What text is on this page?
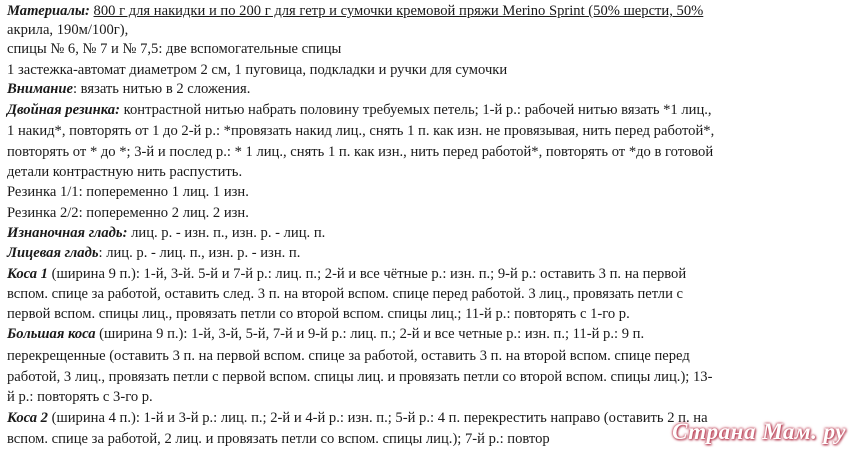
Материалы: 800 г для накидки и по 200 г для гетр и сумочки кремовой пряжи Merino Sprint (50% шерсти, 50%
акрила, 190м/100г),
спицы № 6, № 7 и № 7,5: две вспомогательные спицы
1 застежка-автомат диаметром 2 см, 1 пуговица, подкладки и ручки для сумочки
Внимание: вязать нитью в 2 сложения.
Двойная резинка: контрастной нитью набрать половину требуемых петель; 1-й р.: рабочей нитью вязать *1 лиц.,
1 накид*, повторять от 1 до 2-й р.: *провязать накид лиц., снять 1 п. как изн. не провязывая, нить перед работой*,
повторять от * до *; 3-й и послед р.: * 1 лиц., снять 1 п. как изн., нить перед работой*, повторять от *до в готовой
детали контрастную нить распустить.
Резинка 1/1: попеременно 1 лиц. 1 изн.
Резинка 2/2: попеременно 2 лиц. 2 изн.
Изнаночная гладь: лиц. р. - изн. п., изн. р. - лиц. п.
Лицевая гладь: лиц. р. - лиц. п., изн. р. - изн. п.
Коса 1 (ширина 9 п.): 1-й, 3-й. 5-й и 7-й р.: лиц. п.; 2-й и все чётные р.: изн. п.; 9-й р.: оставить 3 п. на первой
вспом. спице за работой, оставить след. 3 п. на второй вспом. спице перед работой. 3 лиц., провязать петли с
первой вспом. спицы лиц., провязать петли со второй вспом. спицы лиц.; 11-й р.: повторять с 1-го р.
Большая коса (ширина 9 п.): 1-й, 3-й, 5-й, 7-й и 9-й р.: лиц. п.; 2-й и все четные р.: изн. п.; 11-й р.: 9 п.
перекрещенные (оставить 3 п. на первой вспом. спице за работой, оставить 3 п. на второй вспом. спице перед
работой, 3 лиц., провязать петли с первой вспом. спицы лиц. и провязать петли со второй вспом. спицы лиц.); 13-
й р.: повторять с 3-го р.
Коса 2 (ширина 4 п.): 1-й и 3-й р.: лиц. п.; 2-й и 4-й р.: изн. п.; 5-й р.: 4 п. перекрестить направо (оставить 2 п. на
вспом. спице за работой, 2 лиц. и провязать петли со вспом. спицы лиц.); 7-й р.: повтор	Страна Мам. ру
